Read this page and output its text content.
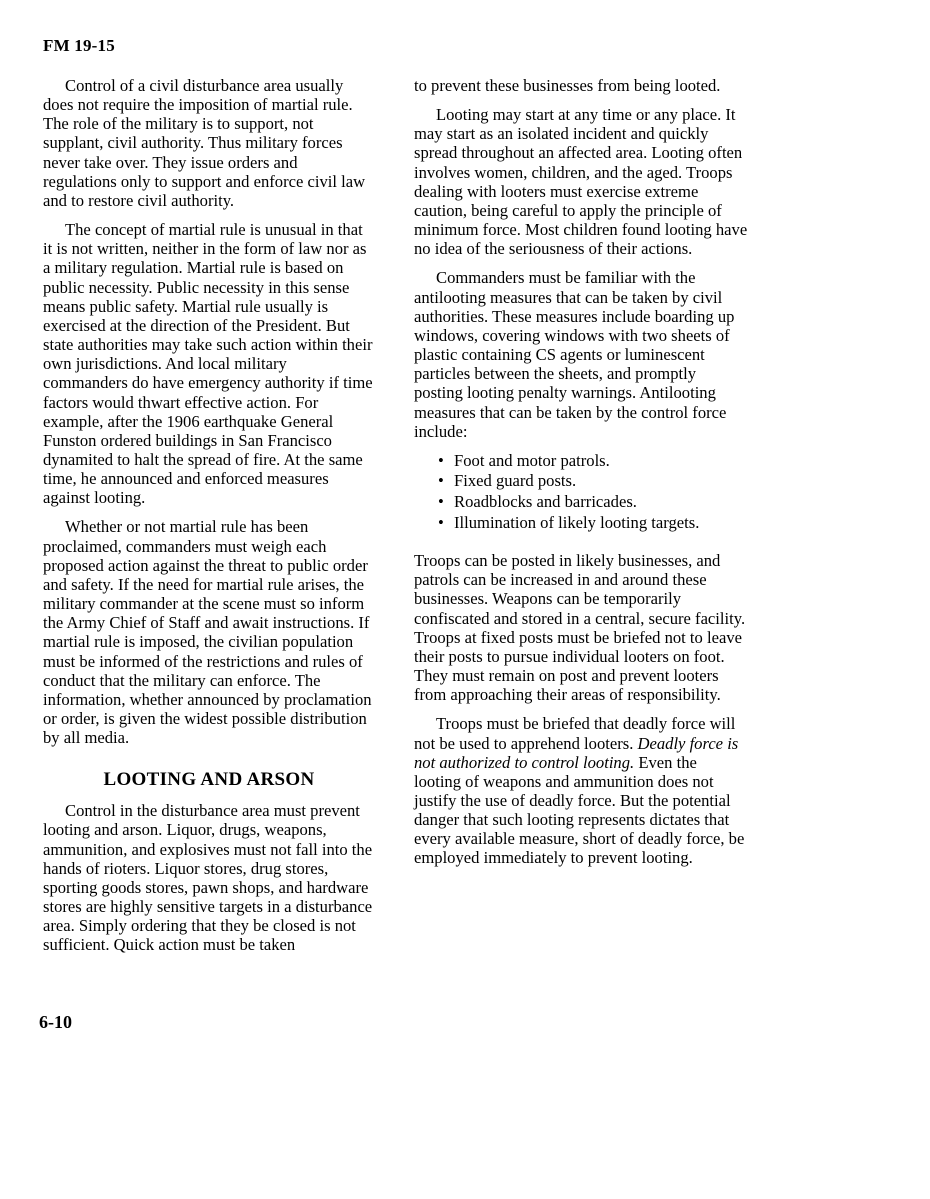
FM 19-15

Control of a civil disturbance area usually does not require the imposition of martial rule. The role of the military is to support, not supplant, civil authority. Thus military forces never take over. They issue orders and regulations only to support and enforce civil law and to restore civil authority.

The concept of martial rule is unusual in that it is not written, neither in the form of law nor as a military regulation. Martial rule is based on public necessity. Public necessity in this sense means public safety. Martial rule usually is exercised at the direction of the President. But state authorities may take such action within their own jurisdictions. And local military commanders do have emergency authority if time factors would thwart effective action. For example, after the 1906 earthquake General Funston ordered buildings in San Francisco dynamited to halt the spread of fire. At the same time, he announced and enforced measures against looting.

Whether or not martial rule has been proclaimed, commanders must weigh each proposed action against the threat to public order and safety. If the need for martial rule arises, the military commander at the scene must so inform the Army Chief of Staff and await instructions. If martial rule is imposed, the civilian population must be informed of the restrictions and rules of conduct that the military can enforce. The information, whether announced by proclamation or order, is given the widest possible distribution by all media.

LOOTING AND ARSON

Control in the disturbance area must prevent looting and arson. Liquor, drugs, weapons, ammunition, and explosives must not fall into the hands of rioters. Liquor stores, drug stores, sporting goods stores, pawn shops, and hardware stores are highly sensitive targets in a disturbance area. Simply ordering that they be closed is not sufficient. Quick action must be taken

to prevent these businesses from being looted.

Looting may start at any time or any place. It may start as an isolated incident and quickly spread throughout an affected area. Looting often involves women, children, and the aged. Troops dealing with looters must exercise extreme caution, being careful to apply the principle of minimum force. Most children found looting have no idea of the seriousness of their actions.

Commanders must be familiar with the antilooting measures that can be taken by civil authorities. These measures include boarding up windows, covering windows with two sheets of plastic containing CS agents or luminescent particles between the sheets, and promptly posting looting penalty warnings. Antilooting measures that can be taken by the control force include:

• Foot and motor patrols.
• Fixed guard posts.
• Roadblocks and barricades.
• Illumination of likely looting targets.

Troops can be posted in likely businesses, and patrols can be increased in and around these businesses. Weapons can be temporarily confiscated and stored in a central, secure facility. Troops at fixed posts must be briefed not to leave their posts to pursue individual looters on foot. They must remain on post and prevent looters from approaching their areas of responsibility.

Troops must be briefed that deadly force will not be used to apprehend looters. Deadly force is not authorized to control looting. Even the looting of weapons and ammunition does not justify the use of deadly force. But the potential danger that such looting represents dictates that every available measure, short of deadly force, be employed immediately to prevent looting.

6-10
